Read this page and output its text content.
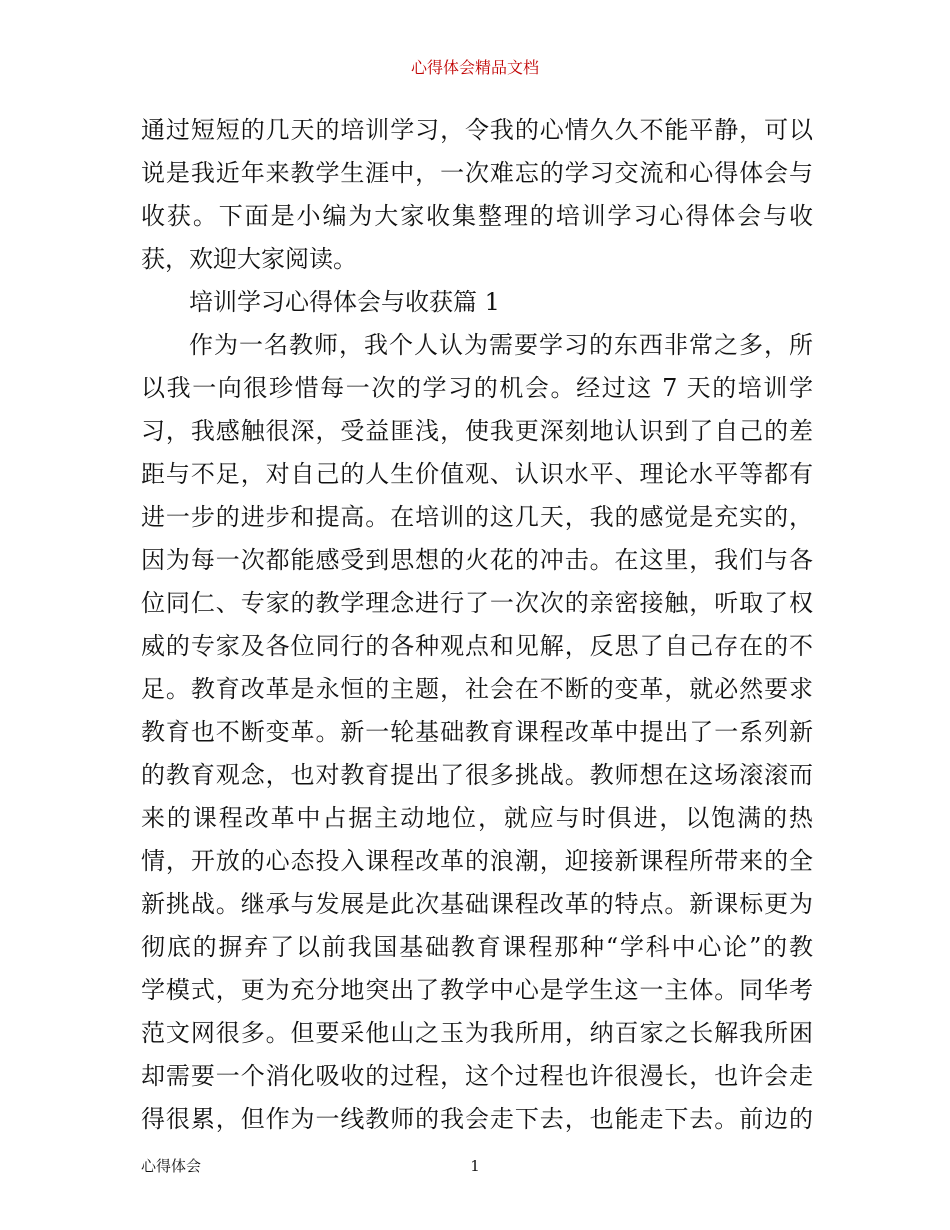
心得体会精品文档
通过短短的几天的培训学习，令我的心情久久不能平静，可以
说是我近年来教学生涯中，一次难忘的学习交流和心得体会与
收获。下面是小编为大家收集整理的培训学习心得体会与收
获，欢迎大家阅读。
培训学习心得体会与收获篇 1
作为一名教师，我个人认为需要学习的东西非常之多，所
以我一向很珍惜每一次的学习的机会。经过这 7 天的培训学
习，我感触很深，受益匪浅，使我更深刻地认识到了自己的差
距与不足，对自己的人生价值观、认识水平、理论水平等都有
进一步的进步和提高。在培训的这几天，我的感觉是充实的，
因为每一次都能感受到思想的火花的冲击。在这里，我们与各
位同仁、专家的教学理念进行了一次次的亲密接触，听取了权
威的专家及各位同行的各种观点和见解，反思了自己存在的不
足。教育改革是永恒的主题，社会在不断的变革，就必然要求
教育也不断变革。新一轮基础教育课程改革中提出了一系列新
的教育观念，也对教育提出了很多挑战。教师想在这场滚滚而
来的课程改革中占据主动地位，就应与时俱进，以饱满的热
情，开放的心态投入课程改革的浪潮，迎接新课程所带来的全
新挑战。继承与发展是此次基础课程改革的特点。新课标更为
彻底的摒弃了以前我国基础教育课程那种“学科中心论”的教
学模式，更为充分地突出了教学中心是学生这一主体。同华考
范文网很多。但要采他山之玉为我所用，纳百家之长解我所困
却需要一个消化吸收的过程，这个过程也许很漫长，也许会走
得很累，但作为一线教师的我会走下去，也能走下去。前边的
心得体会	1
